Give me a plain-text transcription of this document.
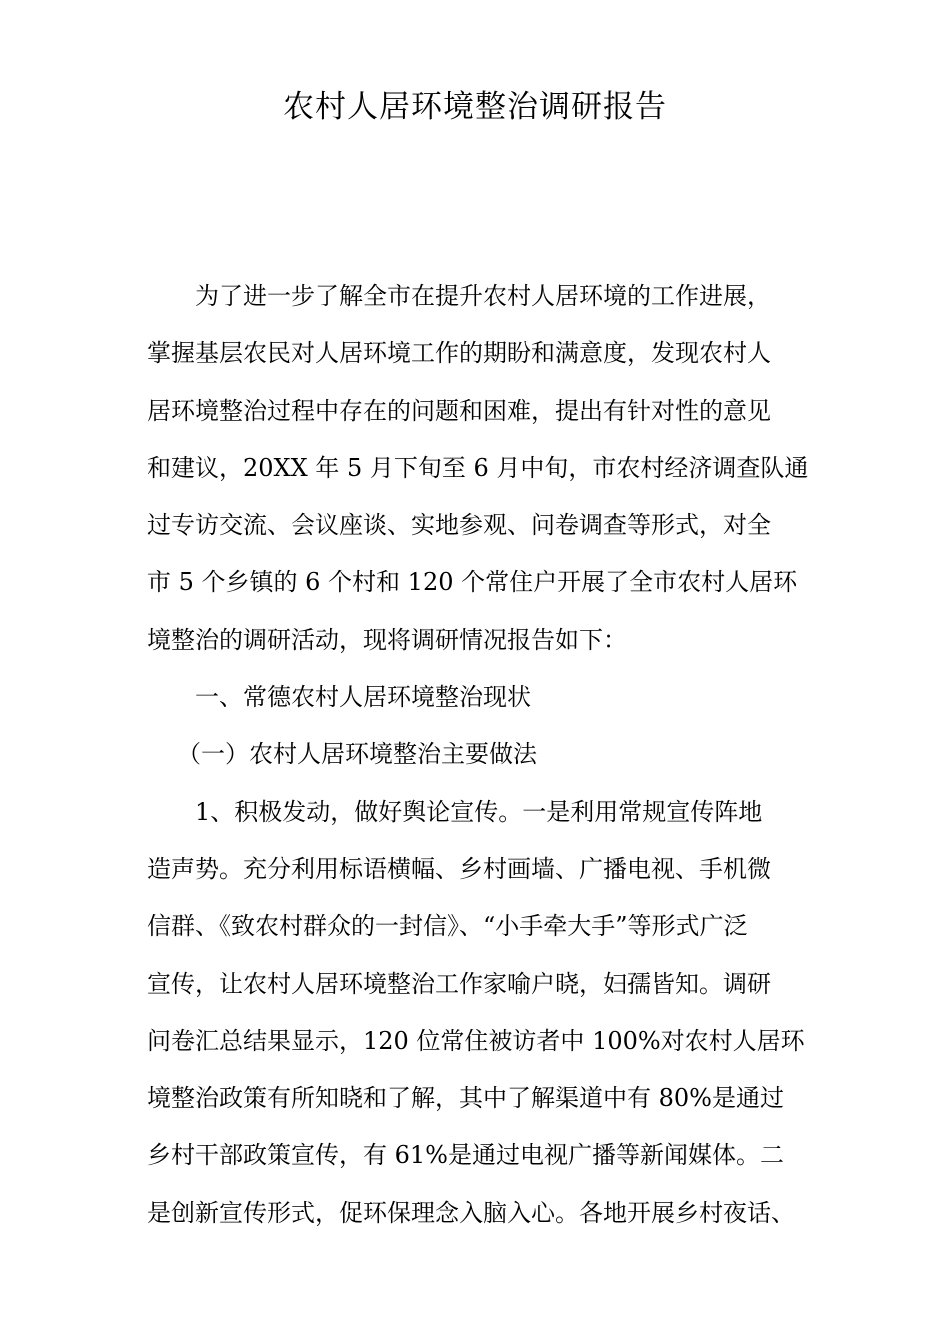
农村人居环境整治调研报告
为了进一步了解全市在提升农村人居环境的工作进展，
掌握基层农民对人居环境工作的期盼和满意度，发现农村人
居环境整治过程中存在的问题和困难，提出有针对性的意见
和建议，20XX 年 5 月下旬至 6 月中旬，市农村经济调查队通
过专访交流、会议座谈、实地参观、问卷调查等形式，对全
市 5 个乡镇的 6 个村和 120 个常住户开展了全市农村人居环
境整治的调研活动，现将调研情况报告如下：
一、常德农村人居环境整治现状
（一）农村人居环境整治主要做法
1、积极发动，做好舆论宣传。一是利用常规宣传阵地
造声势。充分利用标语横幅、乡村画墙、广播电视、手机微
信群、《致农村群众的一封信》、“小手牵大手”等形式广泛
宣传，让农村人居环境整治工作家喻户晓，妇孺皆知。调研
问卷汇总结果显示，120 位常住被访者中 100%对农村人居环
境整治政策有所知晓和了解，其中了解渠道中有 80%是通过
乡村干部政策宣传，有 61%是通过电视广播等新闻媒体。二
是创新宣传形式，促环保理念入脑入心。各地开展乡村夜话、
